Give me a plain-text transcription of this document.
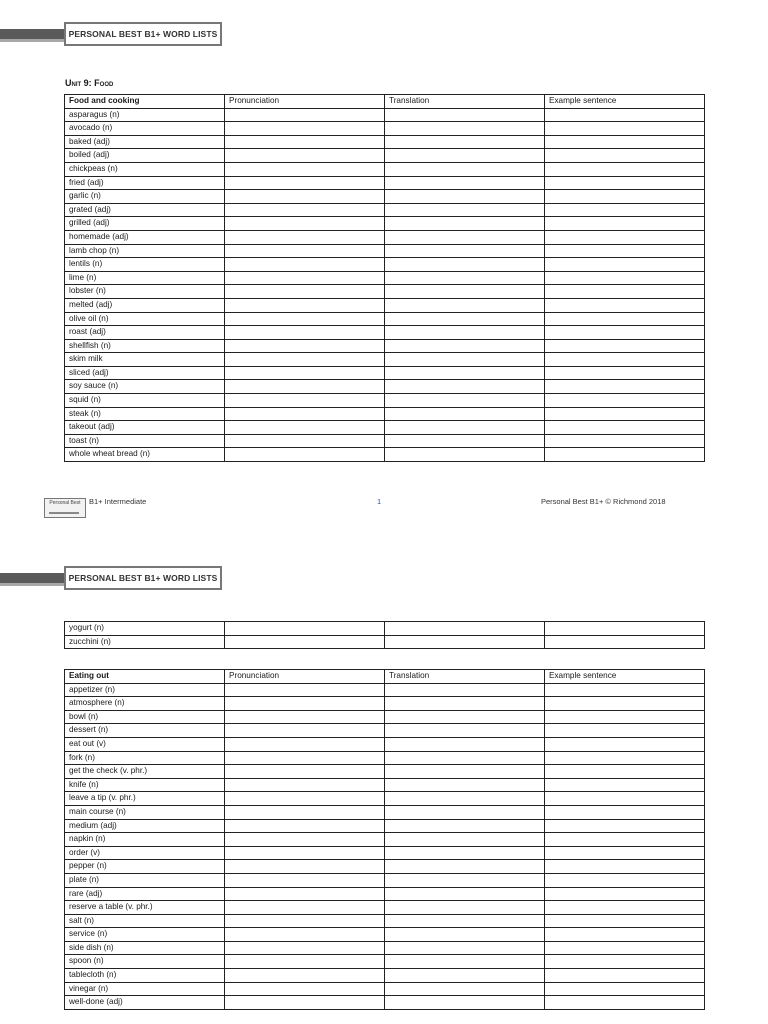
PERSONAL BEST B1+ WORD LISTS
Unit 9: Food
Food and cooking	Pronunciation	Translation	Example sentence
asparagus (n)			
avocado (n)			
baked (adj)			
boiled (adj)			
chickpeas (n)			
fried (adj)			
garlic (n)			
grated (adj)			
grilled (adj)			
homemade (adj)			
lamb chop (n)			
lentils (n)			
lime (n)			
lobster (n)			
melted (adj)			
olive oil (n)			
roast (adj)			
shellfish (n)			
skim milk			
sliced (adj)			
soy sauce (n)			
squid (n)			
steak (n)			
takeout (adj)			
toast (n)			
whole wheat bread (n)			
Personal Best	B1+ Intermediate	1	Personal Best B1+ © Richmond 2018
PERSONAL BEST B1+ WORD LISTS
yogurt (n)			
zucchini (n)			
Eating out	Pronunciation	Translation	Example sentence
appetizer (n)			
atmosphere (n)			
bowl (n)			
dessert (n)			
eat out (v)			
fork (n)			
get the check (v. phr.)			
knife (n)			
leave a tip (v. phr.)			
main course (n)			
medium (adj)			
napkin (n)			
order (v)			
pepper (n)			
plate (n)			
rare (adj)			
reserve a table (v. phr.)			
salt (n)			
service (n)			
side dish (n)			
spoon (n)			
tablecloth (n)			
vinegar (n)			
well-done (adj)			
